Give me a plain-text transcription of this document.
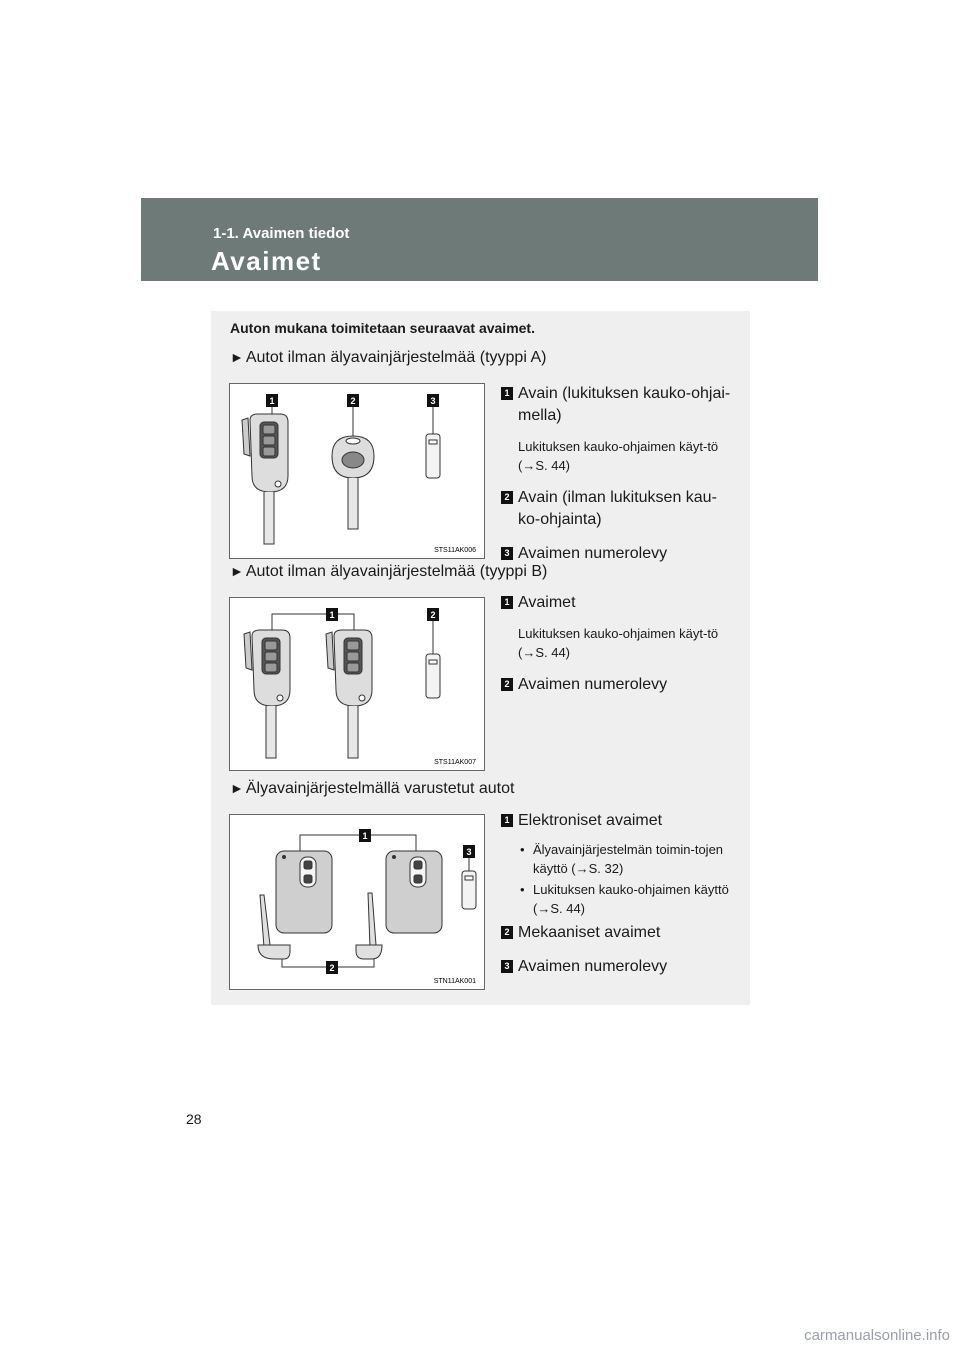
1-1. Avaimen tiedot
Avaimet
Auton mukana toimitetaan seuraavat avaimet.
► Autot ilman älyavainjärjestelmää (tyyppi A)
1	2	3
STS11AK006
1 Avain (lukituksen kauko-ohjai-mella)
Lukituksen kauko-ohjaimen käyt-tö (→S. 44)
2 Avain (ilman lukituksen kau-ko-ohjainta)
3 Avaimen numerolevy
► Autot ilman älyavainjärjestelmää (tyyppi B)
1	2
STS11AK007
1 Avaimet
Lukituksen kauko-ohjaimen käyt-tö (→S. 44)
2 Avaimen numerolevy
► Älyavainjärjestelmällä varustetut autot
1
3
2
STN11AK001
1 Elektroniset avaimet
• Älyavainjärjestelmän toimin-tojen käyttö (→S. 32)
• Lukituksen kauko-ohjaimen käyttö (→S. 44)
2 Mekaaniset avaimet
3 Avaimen numerolevy
28
carmanualsonline.info
